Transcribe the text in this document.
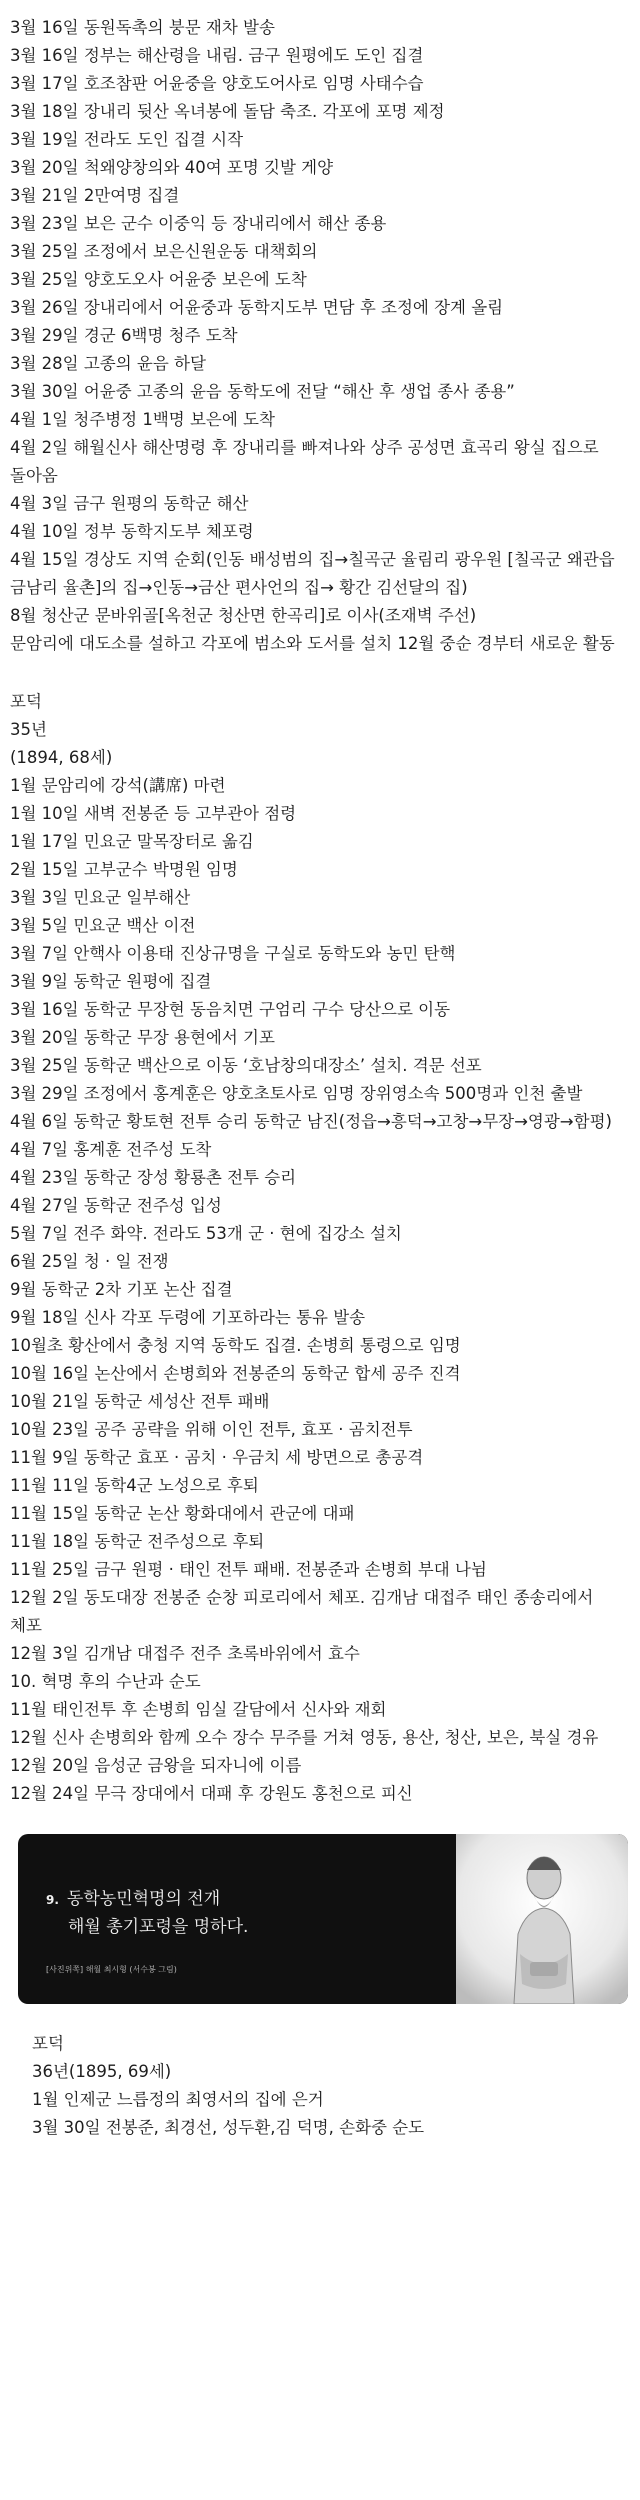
3월 16일 동원독촉의 붕문 재차 발송

3월 16일 정부는 해산령을 내림. 금구 원평에도 도인 집결

3월 17일 호조참판 어윤중을 양호도어사로 임명 사태수습

3월 18일 장내리 뒷산 옥녀봉에 돌담 축조. 각포에 포명 제정

3월 19일 전라도 도인 집결 시작

3월 20일 척왜양창의와 40여 포명 깃발 게양

3월 21일 2만여명 집결

3월 23일 보은 군수 이중익 등 장내리에서 해산 종용

3월 25일 조정에서 보은신원운동 대책회의

3월 25일 양호도오사 어윤중 보은에 도착

3월 26일 장내리에서 어윤중과 동학지도부 면담 후 조정에 장계 올림

3월 29일 경군 6백명 청주 도착

3월 28일 고종의 윤음 하달

3월 30일 어윤중 고종의 윤음 동학도에 전달 “해산 후 생업 종사 종용”

4월 1일 청주병정 1백명 보은에 도착

4월 2일 해월신사 해산명령 후 장내리를 빠져나와 상주 공성면 효곡리 왕실 집으로

돌아옴

4월 3일 금구 원평의 동학군 해산

4월 10일 정부 동학지도부 체포령

4월 15일 경상도 지역 순회(인동 배성범의 집→칠곡군 율림리 광우원 [칠곡군 왜관읍 금남리 율촌]의 집→인동→금산 편사언의 집→ 황간 김선달의 집)

8월 청산군 문바위골[옥천군 청산면 한곡리]로 이사(조재벽 주선)

문암리에 대도소를 설하고 각포에 범소와 도서를 설치 12월 중순 경부터 새로운 활동

포덕

35년

(1894, 68세)

1월 문암리에 강석(講席) 마련

1월 10일 새벽 전봉준 등 고부관아 점령

1월 17일 민요군 말목장터로 옮김

2월 15일 고부군수 박명원 임명

3월 3일 민요군 일부해산

3월 5일 민요군 백산 이전

3월 7일 안핵사 이용태 진상규명을 구실로 동학도와 농민 탄핵

3월 9일 동학군 원평에 집결

3월 16일 동학군 무장현 동음치면 구엄리 구수 당산으로 이동

3월 20일 동학군 무장 용현에서 기포

3월 25일 동학군 백산으로 이동 ‘호남창의대장소’ 설치. 격문 선포

3월 29일 조정에서 홍계훈은 양호초토사로 임명 장위영소속 500명과 인천 출발

4월 6일 동학군 황토현 전투 승리 동학군 남진(정읍→흥덕→고창→무장→영광→함평)

4월 7일 홍계훈 전주성 도착

4월 23일 동학군 장성 황룡촌 전투 승리

4월 27일 동학군 전주성 입성

5월 7일 전주 화약. 전라도 53개 군 · 현에 집강소 설치

6월 25일 청 · 일 전쟁

9월 동학군 2차 기포 논산 집결

9월 18일 신사 각포 두령에 기포하라는 통유 발송

10월초 황산에서 충청 지역 동학도 집결. 손병희 통령으로 임명

10월 16일 논산에서 손병희와 전봉준의 동학군 합세 공주 진격

10월 21일 동학군 세성산 전투 패배

10월 23일 공주 공략을 위해 이인 전투, 효포 · 곰치전투

11월 9일 동학군 효포 · 곰치 · 우금치 세 방면으로 총공격

11월 11일 동학4군 노성으로 후퇴

11월 15일 동학군 논산 황화대에서 관군에 대패

11월 18일 동학군 전주성으로 후퇴

11월 25일 금구 원평 · 태인 전투 패배. 전봉준과 손병희 부대 나뉨

12월 2일 동도대장 전봉준 순창 피로리에서 체포. 김개남 대접주 태인 종송리에서 체포

12월 3일 김개남 대접주 전주 초록바위에서 효수

10. 혁명 후의 수난과 순도

11월 태인전투 후 손병희 임실 갈담에서 신사와 재회

12월 신사 손병희와 함께 오수 장수 무주를 거쳐 영동, 용산, 청산, 보은, 북실 경유

12월 20일 음성군 금왕을 되자니에 이름

12월 24일 무극 장대에서 대패 후 강원도 홍천으로 피신

9. 동학농민혁명의 전개
해월 총기포령을 명하다.
[사진위쪽] 해월 최시형 (서수봉 그림)

포덕

36년(1895, 69세)

1월 인제군 느릅정의 최영서의 집에 은거

3월 30일 전봉준, 최경선, 성두환,김 덕명, 손화중 순도
